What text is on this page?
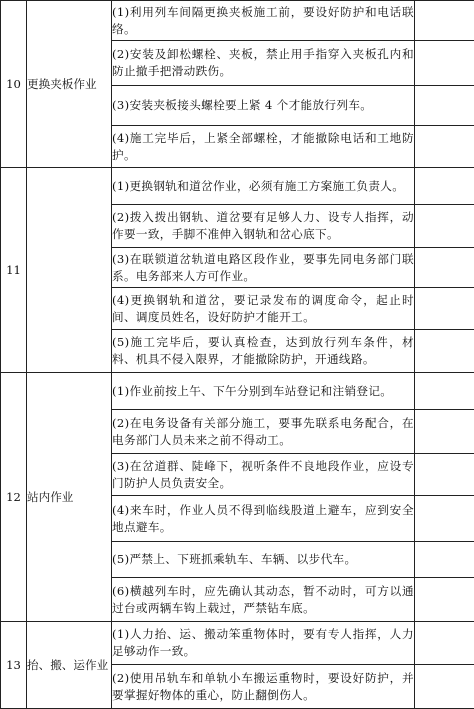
10	更换夹板作业	(1)利用列车间隔更换夹板施工前，要设好防护和电话联络。	

		(2)安装及卸松螺栓、夹板，禁止用手指穿入夹板孔内和防止撤手把滑动跌伤。	

		(3)安装夹板接头螺栓要上紧 4 个才能放行列车。	

		(4)施工完毕后，上紧全部螺栓，才能撤除电话和工地防护。	

11		(1)更换钢轨和道岔作业，必须有施工方案施工负责人。	

		(2)拨入拨出钢轨、道岔要有足够人力、设专人指挥，动作要一致，手脚不准伸入钢轨和岔心底下。	

		(3)在联锁道岔轨道电路区段作业，要事先同电务部门联系。电务部来人方可作业。	

		(4)更换钢轨和道岔，要记录发布的调度命令，起止时间、调度员姓名，设好防护才能开工。	

		(5)施工完毕后，要认真检查，达到放行列车条件，材料、机具不侵入限界，才能撤除防护，开通线路。	

12	站内作业	(1)作业前按上午、下午分别到车站登记和注销登记。	

		(2)在电务设备有关部分施工，要事先联系电务配合，在电务部门人员未来之前不得动工。	

		(3)在岔道群、陡峰下，视听条件不良地段作业，应设专门防护人员负责安全。	

		(4)来车时，作业人员不得到临线股道上避车，应到安全地点避车。	

		(5)严禁上、下班抓乘轨车、车辆、以步代车。	

		(6)横越列车时，应先确认其动态，暂不动时，可方以通过台或两辆车钩上载过，严禁钻车底。	

13	抬、搬、运作业	(1)人力抬、运、搬动笨重物体时，要有专人指挥，人力足够动作一致。	

		(2)使用吊轨车和单轨小车搬运重物时，要设好防护，并要掌握好物体的重心，防止翻倒伤人。	
